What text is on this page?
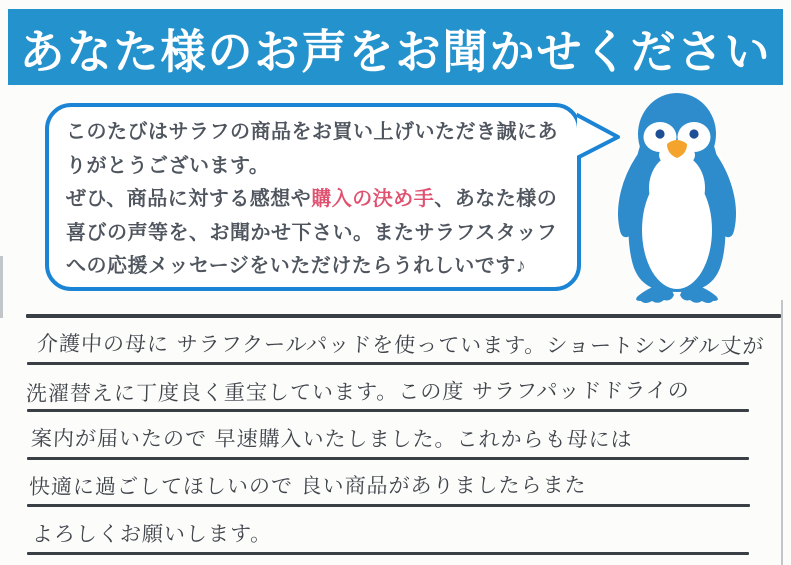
あなた様のお声をお聞かせください
このたびはサラフの商品をお買い上げいただき誠にあ
りがとうございます。
ぜひ、商品に対する感想や購入の決め手、あなた様の
喜びの声等を、お聞かせ下さい。またサラフスタッフ
への応援メッセージをいただけたらうれしいです♪
介護中の母に サラフクールパッドを使っています。ショートシングル丈が
洗濯替えに丁度良く重宝しています。この度 サラフパッドドライの
案内が届いたので 早速購入いたしました。これからも母には
快適に過ごしてほしいので 良い商品がありましたらまた
よろしくお願いします。
